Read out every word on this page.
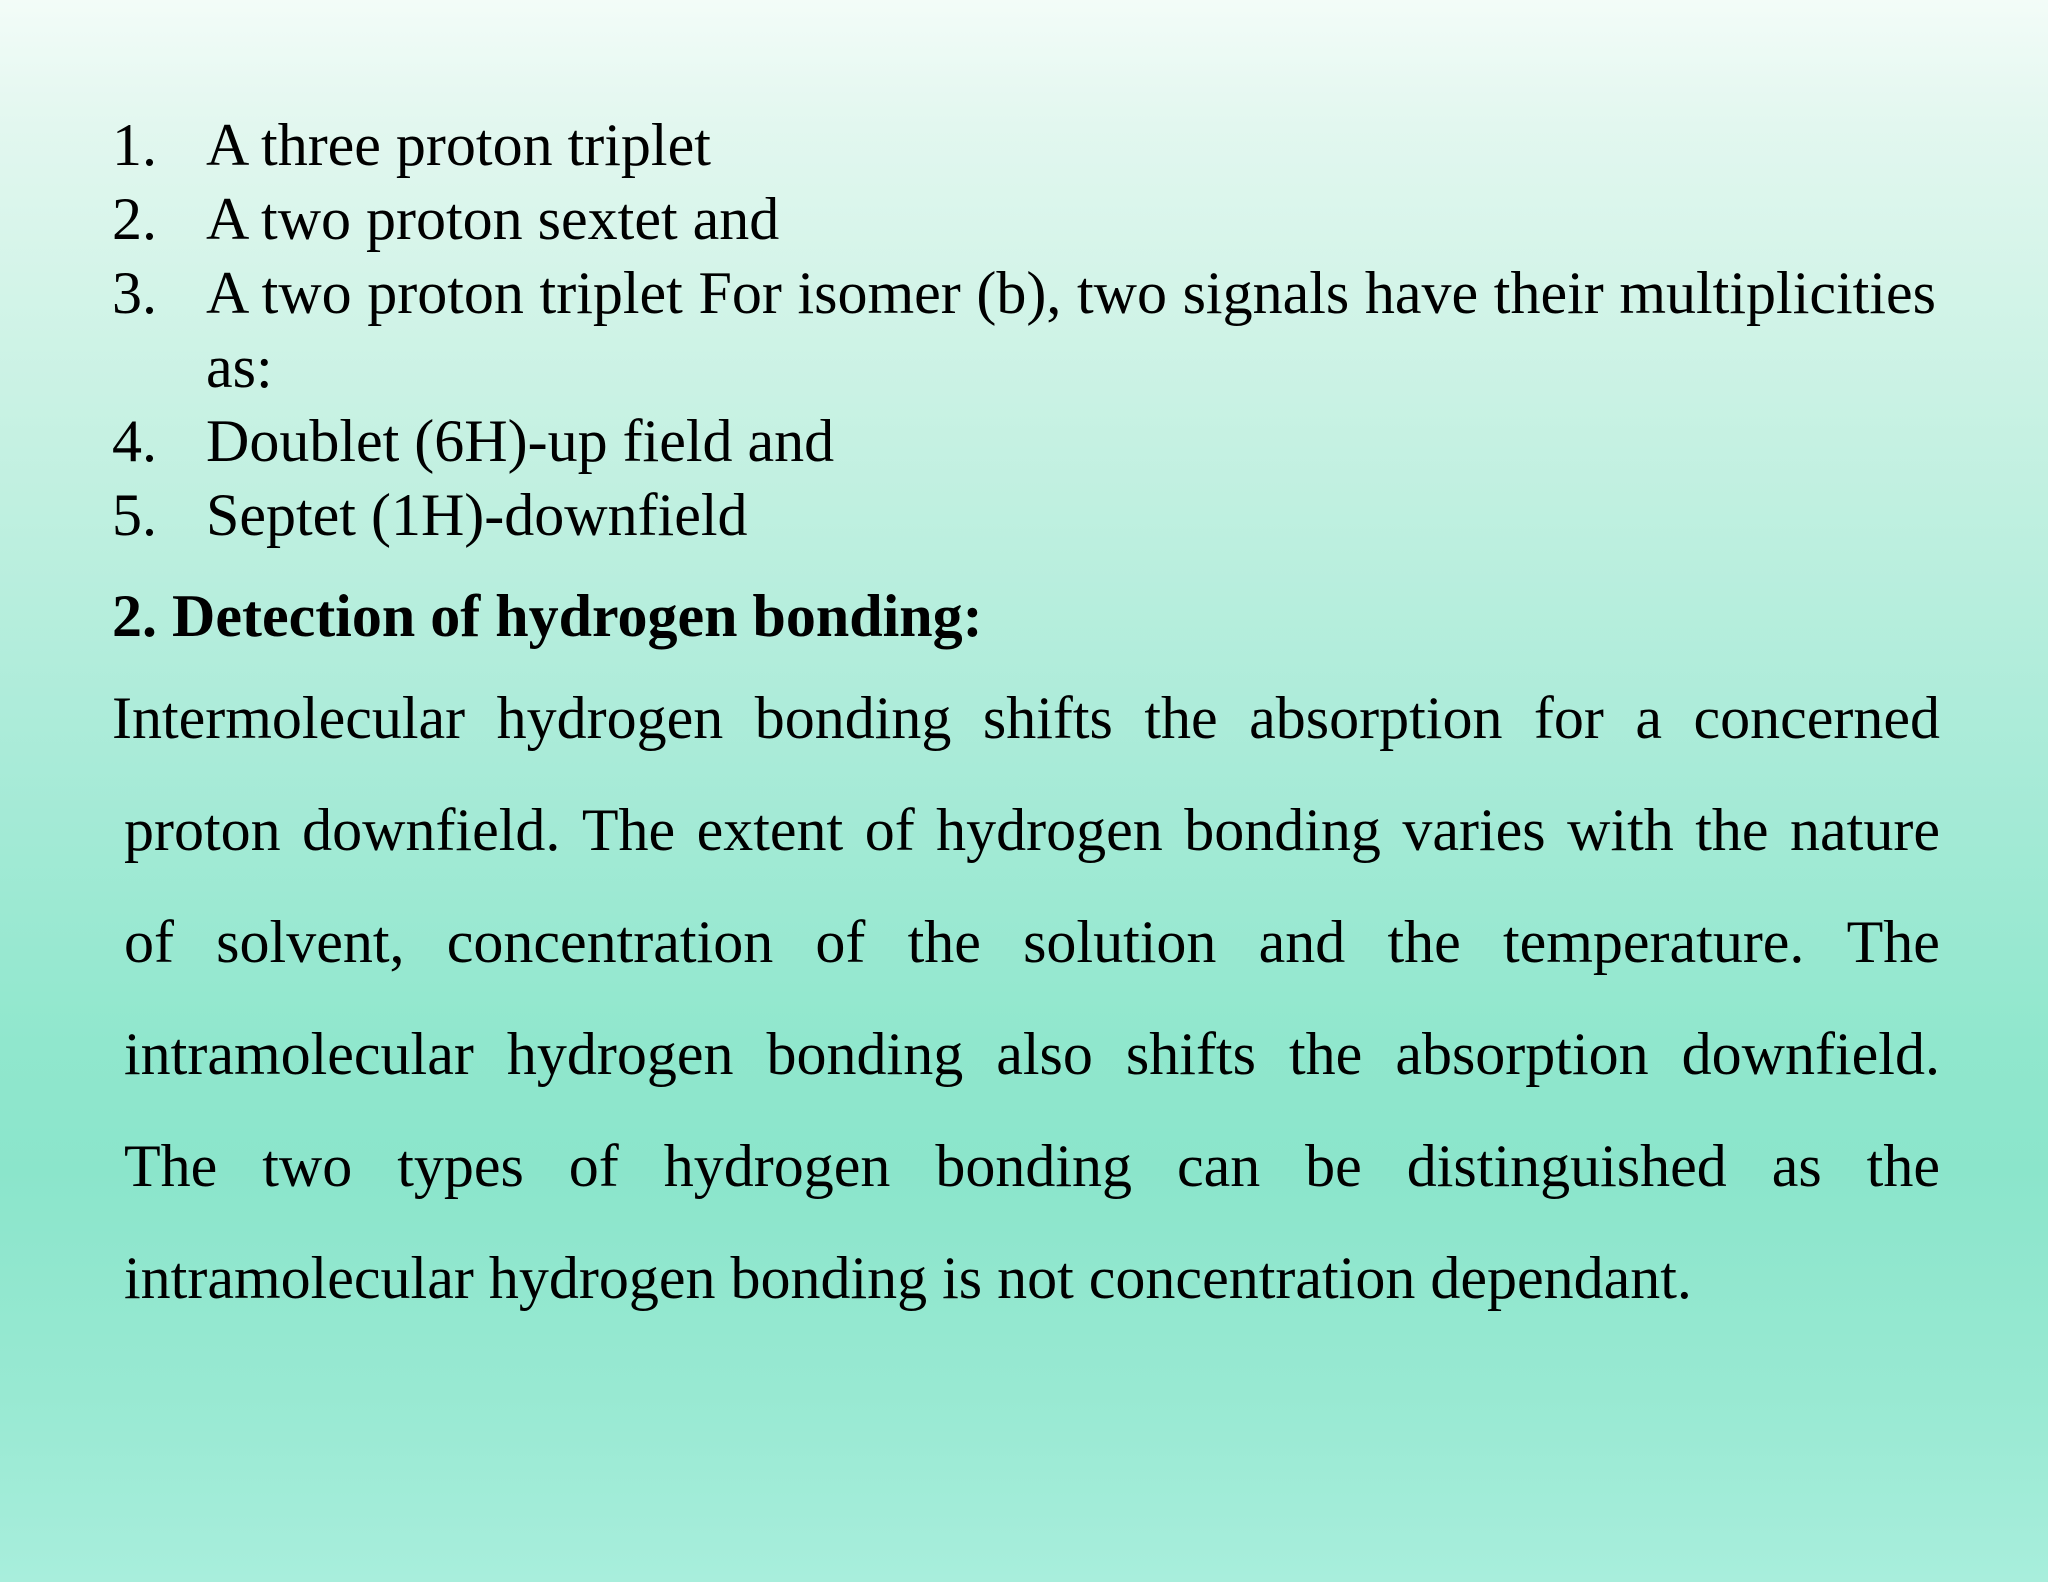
1. A three proton triplet
2. A two proton sextet and
3. A two proton triplet For isomer (b), two signals have their multiplicities as:
4. Doublet (6H)-up field and
5. Septet (1H)-downfield
2. Detection of hydrogen bonding:
Intermolecular hydrogen bonding shifts the absorption for a concerned
proton downfield. The extent of hydrogen bonding varies with the nature
of solvent, concentration of the solution and the temperature. The
intramolecular hydrogen bonding also shifts the absorption downfield.
The two types of hydrogen bonding can be distinguished as the
intramolecular hydrogen bonding is not concentration dependant.
